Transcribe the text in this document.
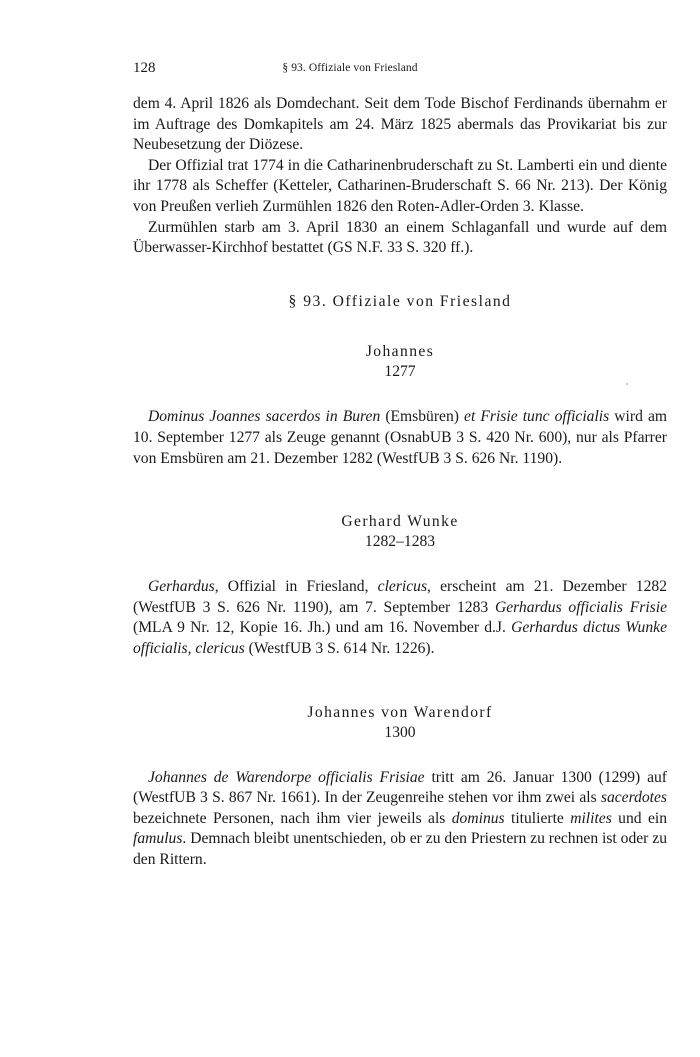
128	§ 93. Offiziale von Friesland

dem 4. April 1826 als Domdechant. Seit dem Tode Bischof Ferdinands übernahm er im Auftrage des Domkapitels am 24. März 1825 abermals das Provikariat bis zur Neubesetzung der Diözese.

Der Offizial trat 1774 in die Catharinenbruderschaft zu St. Lamberti ein und diente ihr 1778 als Scheffer (Ketteler, Catharinen-Bruderschaft S. 66 Nr. 213). Der König von Preußen verlieh Zurmühlen 1826 den Roten-Adler-Orden 3. Klasse.

Zurmühlen starb am 3. April 1830 an einem Schlaganfall und wurde auf dem Überwasser-Kirchhof bestattet (GS N.F. 33 S. 320 ff.).

§ 93. Offiziale von Friesland
Johannes
1277

Dominus Joannes sacerdos in Buren (Emsbüren) et Frisie tunc officialis wird am 10. September 1277 als Zeuge genannt (OsnabUB 3 S. 420 Nr. 600), nur als Pfarrer von Emsbüren am 21. Dezember 1282 (WestfUB 3 S. 626 Nr. 1190).

Gerhard Wunke
1282–1283

Gerhardus, Offizial in Friesland, clericus, erscheint am 21. Dezember 1282 (WestfUB 3 S. 626 Nr. 1190), am 7. September 1283 Gerhardus officialis Frisie (MLA 9 Nr. 12, Kopie 16. Jh.) und am 16. November d.J. Gerhardus dictus Wunke officialis, clericus (WestfUB 3 S. 614 Nr. 1226).

Johannes von Warendorf
1300

Johannes de Warendorpe officialis Frisiae tritt am 26. Januar 1300 (1299) auf (WestfUB 3 S. 867 Nr. 1661). In der Zeugenreihe stehen vor ihm zwei als sacerdotes bezeichnete Personen, nach ihm vier jeweils als dominus titulierte milites und ein famulus. Demnach bleibt unentschieden, ob er zu den Priestern zu rechnen ist oder zu den Rittern.
